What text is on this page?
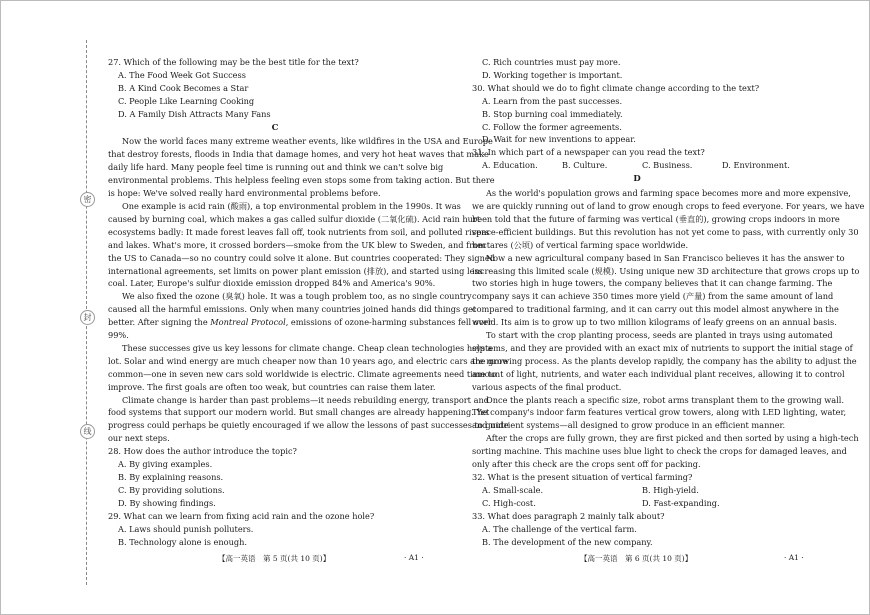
密
封
线
27. Which of the following may be the best title for the text?
A. The Food Week Got Success
B. A Kind Cook Becomes a Star
C. People Like Learning Cooking
D. A Family Dish Attracts Many Fans
C
Now the world faces many extreme weather events, like wildfires in the USA and Europe
that destroy forests, floods in India that damage homes, and very hot heat waves that make
daily life hard. Many people feel time is running out and think we can't solve big
environmental problems. This helpless feeling even stops some from taking action. But there
is hope: We've solved really hard environmental problems before.
One example is acid rain (酸雨), a top environmental problem in the 1990s. It was
caused by burning coal, which makes a gas called sulfur dioxide (二氧化硫). Acid rain hurt
ecosystems badly: It made forest leaves fall off, took nutrients from soil, and polluted rivers
and lakes. What's more, it crossed borders—smoke from the UK blew to Sweden, and from
the US to Canada—so no country could solve it alone. But countries cooperated: They signed
international agreements, set limits on power plant emission (排放), and started using less
coal. Later, Europe's sulfur dioxide emission dropped 84% and America's 90%.
We also fixed the ozone (臭氧) hole. It was a tough problem too, as no single country
caused all the harmful emissions. Only when many countries joined hands did things get
better. After signing the Montreal Protocol, emissions of ozone-harming substances fell over
99%.
These successes give us key lessons for climate change. Cheap clean technologies help a
lot. Solar and wind energy are much cheaper now than 10 years ago, and electric cars are more
common—one in seven new cars sold worldwide is electric. Climate agreements need time to
improve. The first goals are often too weak, but countries can raise them later.
Climate change is harder than past problems—it needs rebuilding energy, transport and
food systems that support our modern world. But small changes are already happening. Yet
progress could perhaps be quietly encouraged if we allow the lessons of past successes to guide
our next steps.
28. How does the author introduce the topic?
A. By giving examples.
B. By explaining reasons.
C. By providing solutions.
D. By showing findings.
29. What can we learn from fixing acid rain and the ozone hole?
A. Laws should punish polluters.
B. Technology alone is enough.
C. Rich countries must pay more.
D. Working together is important.
30. What should we do to fight climate change according to the text?
A. Learn from the past successes.
B. Stop burning coal immediately.
C. Follow the former agreements.
D. Wait for new inventions to appear.
31. In which part of a newspaper can you read the text?
A. Education.	B. Culture.	C. Business.	D. Environment.
D
As the world's population grows and farming space becomes more and more expensive,
we are quickly running out of land to grow enough crops to feed everyone. For years, we have
been told that the future of farming was vertical (垂直的), growing crops indoors in more
space-efficient buildings. But this revolution has not yet come to pass, with currently only 30
hectares (公顷) of vertical farming space worldwide.
Now a new agricultural company based in San Francisco believes it has the answer to
increasing this limited scale (规模). Using unique new 3D architecture that grows crops up to
two stories high in huge towers, the company believes that it can change farming. The
company says it can achieve 350 times more yield (产量) from the same amount of land
compared to traditional farming, and it can carry out this model almost anywhere in the
world. Its aim is to grow up to two million kilograms of leafy greens on an annual basis.
To start with the crop planting process, seeds are planted in trays using automated
systems, and they are provided with an exact mix of nutrients to support the initial stage of
the growing process. As the plants develop rapidly, the company has the ability to adjust the
amount of light, nutrients, and water each individual plant receives, allowing it to control
various aspects of the final product.
Once the plants reach a specific size, robot arms transplant them to the growing wall.
The company's indoor farm features vertical grow towers, along with LED lighting, water,
and nutrient systems—all designed to grow produce in an efficient manner.
After the crops are fully grown, they are first picked and then sorted by using a high-tech
sorting machine. This machine uses blue light to check the crops for damaged leaves, and
only after this check are the crops sent off for packing.
32. What is the present situation of vertical farming?
A. Small-scale.	B. High-yield.
C. High-cost.	D. Fast-expanding.
33. What does paragraph 2 mainly talk about?
A. The challenge of the vertical farm.
B. The development of the new company.
【高一英语　第 5 页(共 10 页)】	· A1 ·	【高一英语　第 6 页(共 10 页)】	· A1 ·
